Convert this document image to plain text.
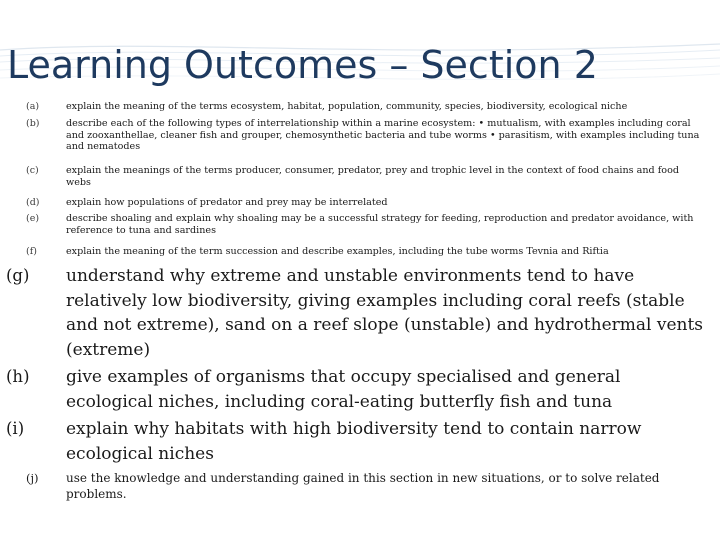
Learning Outcomes – Section 2
(a)	explain the meaning of the terms ecosystem, habitat, population, community, species, biodiversity, ecological niche
(b)	describe each of the following types of interrelationship within a marine ecosystem: • mutualism, with examples including coral and zooxanthellae, cleaner fish and grouper, chemosynthetic bacteria and tube worms • parasitism, with examples including tuna and nematodes
(c)	explain the meanings of the terms producer, consumer, predator, prey and trophic level in the context of food chains and food webs
(d)	explain how populations of predator and prey may be interrelated
(e)	describe shoaling and explain why shoaling may be a successful strategy for feeding, reproduction and predator avoidance, with reference to tuna and sardines
(f)	explain the meaning of the term succession and describe examples, including the tube worms Tevnia and Riftia
(g) understand why extreme and unstable environments tend to have relatively low biodiversity, giving examples including coral reefs (stable and not extreme), sand on a reef slope (unstable) and hydrothermal vents (extreme)
(h) give examples of organisms that occupy specialised and general ecological niches, including coral-eating butterfly fish and tuna
(i) explain why habitats with high biodiversity tend to contain narrow ecological niches
(j) use the knowledge and understanding gained in this section in new situations, or to solve related problems.
